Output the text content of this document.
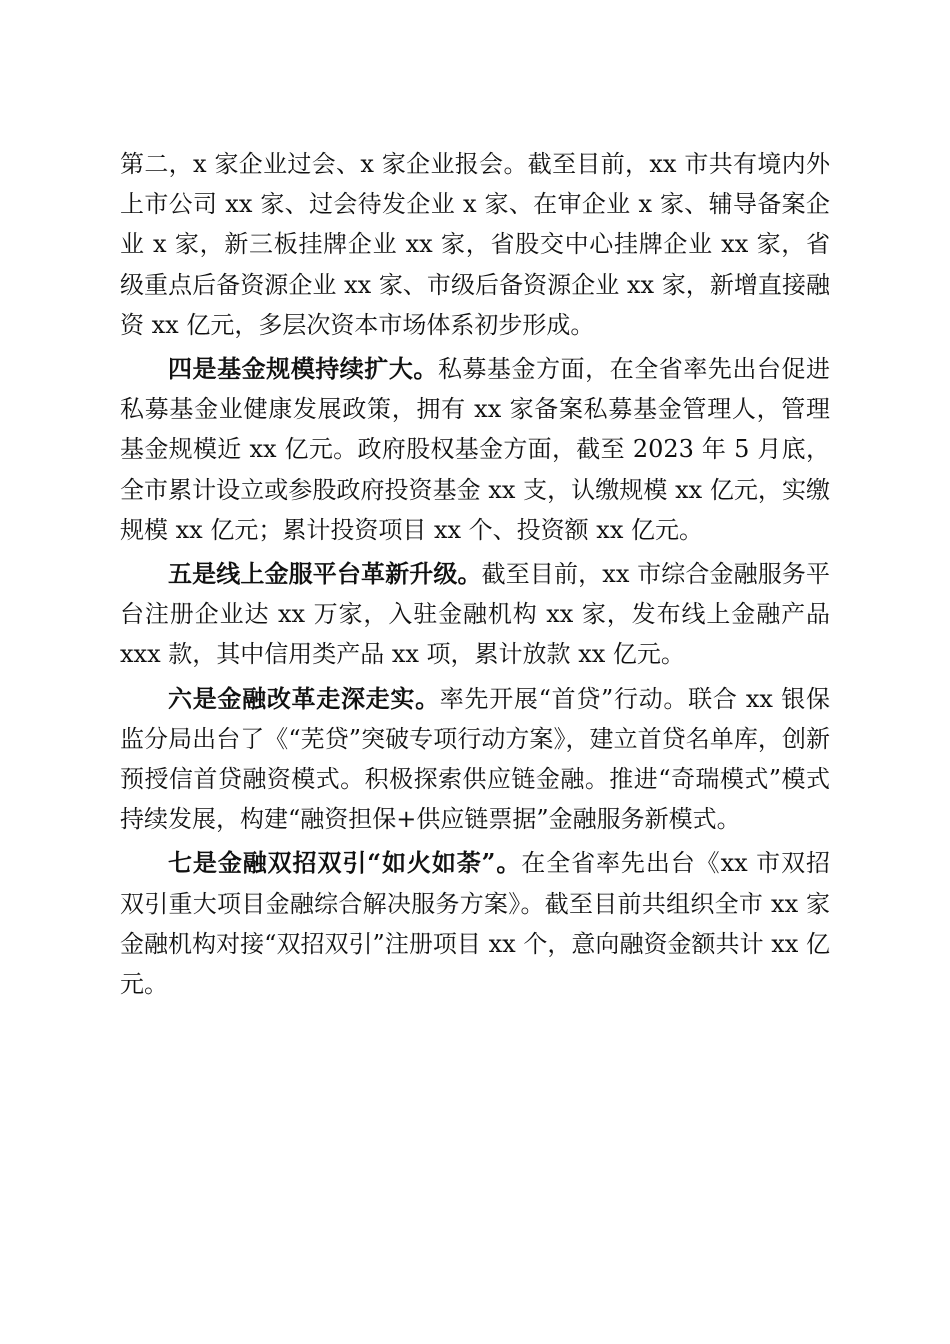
第二，x 家企业过会、x 家企业报会。截至目前，xx 市共有境内外上市公司 xx 家、过会待发企业 x 家、在审企业 x 家、辅导备案企业 x 家，新三板挂牌企业 xx 家，省股交中心挂牌企业 xx 家，省级重点后备资源企业 xx 家、市级后备资源企业 xx 家，新增直接融资 xx 亿元，多层次资本市场体系初步形成。

四是基金规模持续扩大。私募基金方面，在全省率先出台促进私募基金业健康发展政策，拥有 xx 家备案私募基金管理人，管理基金规模近 xx 亿元。政府股权基金方面，截至 2023 年 5 月底，全市累计设立或参股政府投资基金 xx 支，认缴规模 xx 亿元，实缴规模 xx 亿元；累计投资项目 xx 个、投资额 xx 亿元。

五是线上金服平台革新升级。截至目前，xx 市综合金融服务平台注册企业达 xx 万家，入驻金融机构 xx 家，发布线上金融产品 xxx 款，其中信用类产品 xx 项，累计放款 xx 亿元。

六是金融改革走深走实。率先开展“首贷”行动。联合 xx 银保监分局出台了《“芜贷”突破专项行动方案》，建立首贷名单库，创新预授信首贷融资模式。积极探索供应链金融。推进“奇瑞模式”模式持续发展，构建“融资担保+供应链票据”金融服务新模式。

七是金融双招双引“如火如荼”。在全省率先出台《xx 市双招双引重大项目金融综合解决服务方案》。截至目前共组织全市 xx 家金融机构对接“双招双引”注册项目 xx 个，意向融资金额共计 xx 亿元。
